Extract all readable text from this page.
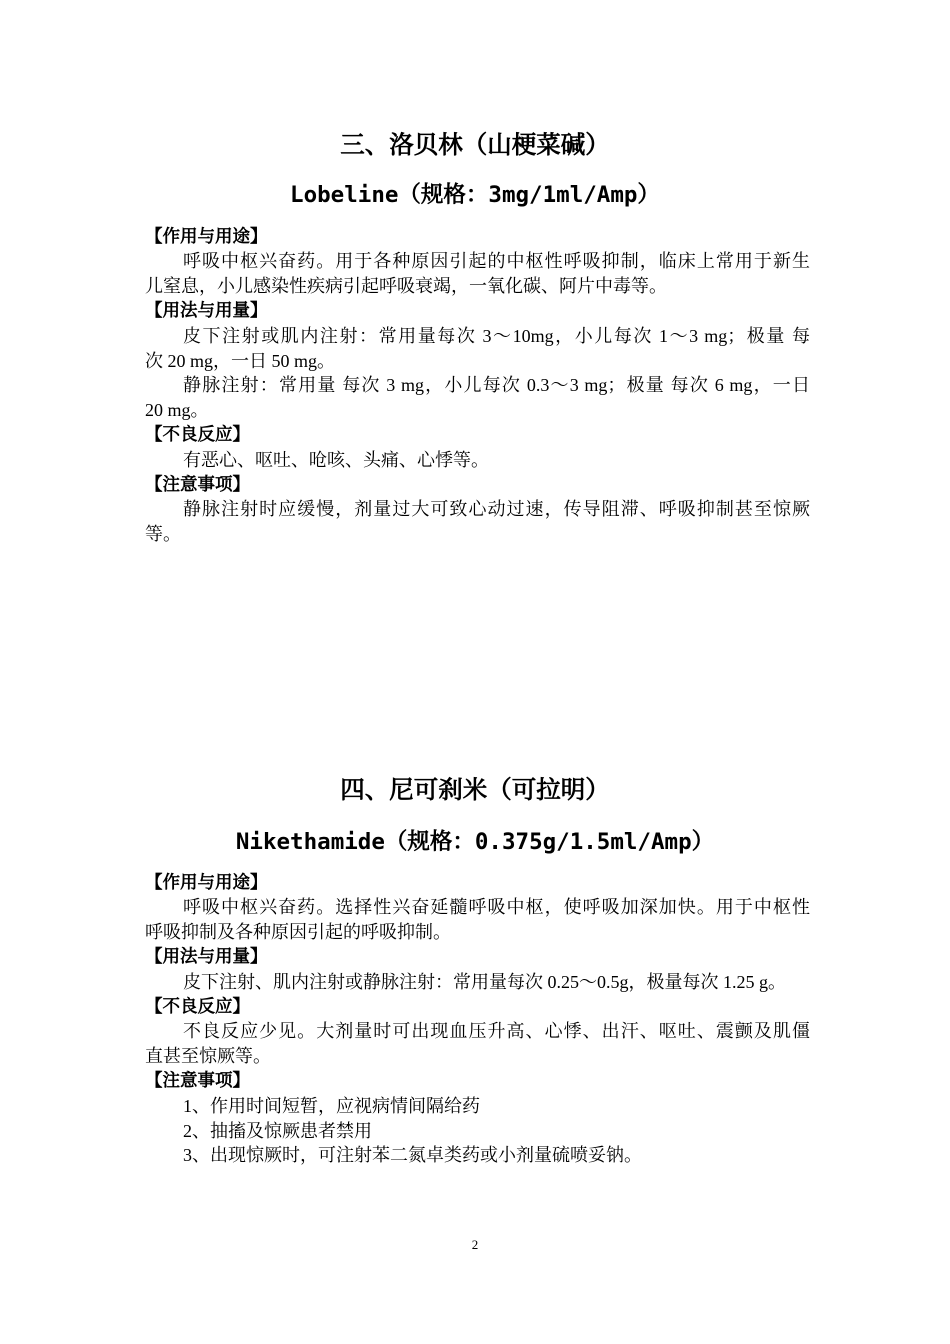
三、洛贝林（山梗菜碱）
Lobeline（规格：3mg/1ml/Amp）
【作用与用途】
呼吸中枢兴奋药。用于各种原因引起的中枢性呼吸抑制，临床上常用于新生
儿窒息，小儿感染性疾病引起呼吸衰竭，一氧化碳、阿片中毒等。
【用法与用量】
皮下注射或肌内注射：常用量每次 3～10mg，小儿每次 1～3 mg；极量 每
次 20 mg，一日 50 mg。
静脉注射：常用量 每次 3 mg，小儿每次 0.3～3 mg；极量 每次 6 mg，一日
20 mg。
【不良反应】
有恶心、呕吐、呛咳、头痛、心悸等。
【注意事项】
静脉注射时应缓慢，剂量过大可致心动过速，传导阻滞、呼吸抑制甚至惊厥
等。
四、尼可刹米（可拉明）
Nikethamide（规格：0.375g/1.5ml/Amp）
【作用与用途】
呼吸中枢兴奋药。选择性兴奋延髓呼吸中枢，使呼吸加深加快。用于中枢性
呼吸抑制及各种原因引起的呼吸抑制。
【用法与用量】
皮下注射、肌内注射或静脉注射：常用量每次 0.25～0.5g，极量每次 1.25 g。
【不良反应】
不良反应少见。大剂量时可出现血压升高、心悸、出汗、呕吐、震颤及肌僵
直甚至惊厥等。
【注意事项】
1、作用时间短暂，应视病情间隔给药
2、抽搐及惊厥患者禁用
3、出现惊厥时，可注射苯二氮卓类药或小剂量硫喷妥钠。
2
